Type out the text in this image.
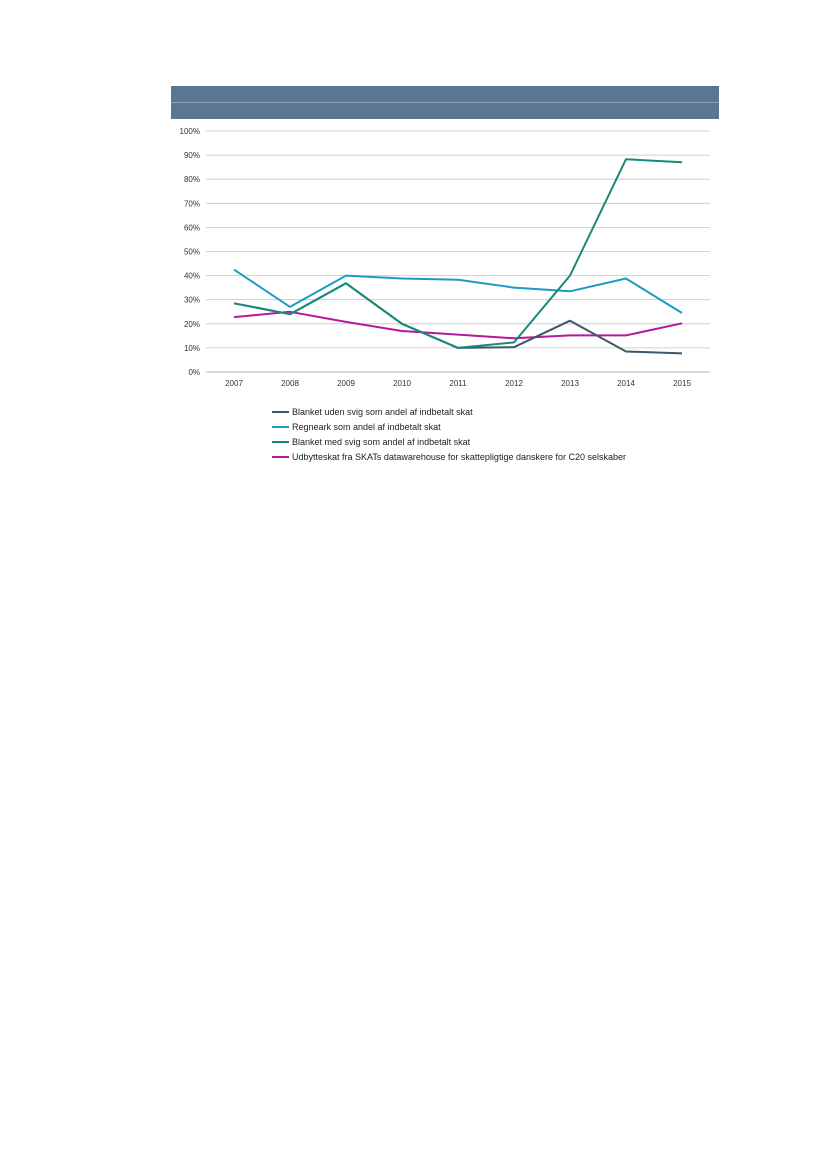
0%
10%
20%
30%
40%
50%
60%
70%
80%
90%
100%
2007	2008	2009	2010	2011	2012	2013	2014	2015
Blanket uden svig som andel af indbetalt skat
Regneark som andel af indbetalt skat
Blanket med svig som andel af indbetalt skat
Udbytteskat fra SKATs datawarehouse for skattepligtige danskere for C20 selskaber
